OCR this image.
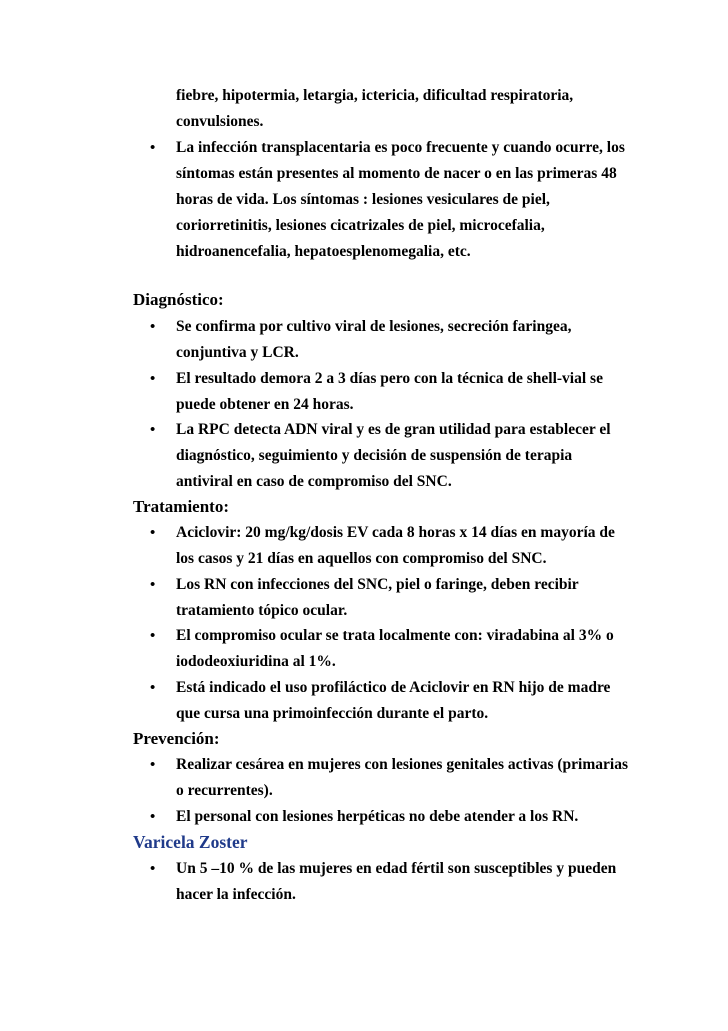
fiebre, hipotermia, letargia, ictericia, dificultad respiratoria,
convulsiones.
• La infección transplacentaria es poco frecuente y cuando ocurre, los
síntomas están presentes al momento de nacer o en las primeras 48
horas de vida. Los síntomas : lesiones vesiculares de piel,
coriorretinitis, lesiones cicatrizales de piel, microcefalia,
hidroanencefalia, hepatoesplenomegalia, etc.
Diagnóstico:
• Se confirma por cultivo viral de lesiones, secreción faringea,
conjuntiva y LCR.
• El resultado demora 2 a 3 días pero con la técnica de shell-vial se
puede obtener en 24 horas.
• La RPC detecta ADN viral y es de gran utilidad para establecer el
diagnóstico, seguimiento y decisión de suspensión de terapia
antiviral en caso de compromiso del SNC.
Tratamiento:
• Aciclovir: 20 mg/kg/dosis EV cada 8 horas x 14 días en mayoría de
los casos y 21 días en aquellos con compromiso del SNC.
• Los RN con infecciones del SNC, piel o faringe, deben recibir
tratamiento tópico ocular.
• El compromiso ocular se trata localmente con: viradabina al 3% o
iododeoxiuridina al 1%.
• Está indicado el uso profiláctico de Aciclovir en RN hijo de madre
que cursa una primoinfección durante el parto.
Prevención:
• Realizar cesárea en mujeres con lesiones genitales activas (primarias
o recurrentes).
• El personal con lesiones herpéticas no debe atender a los RN.
Varicela Zoster
• Un 5 –10 % de las mujeres en edad fértil son susceptibles y pueden
hacer la infección.
